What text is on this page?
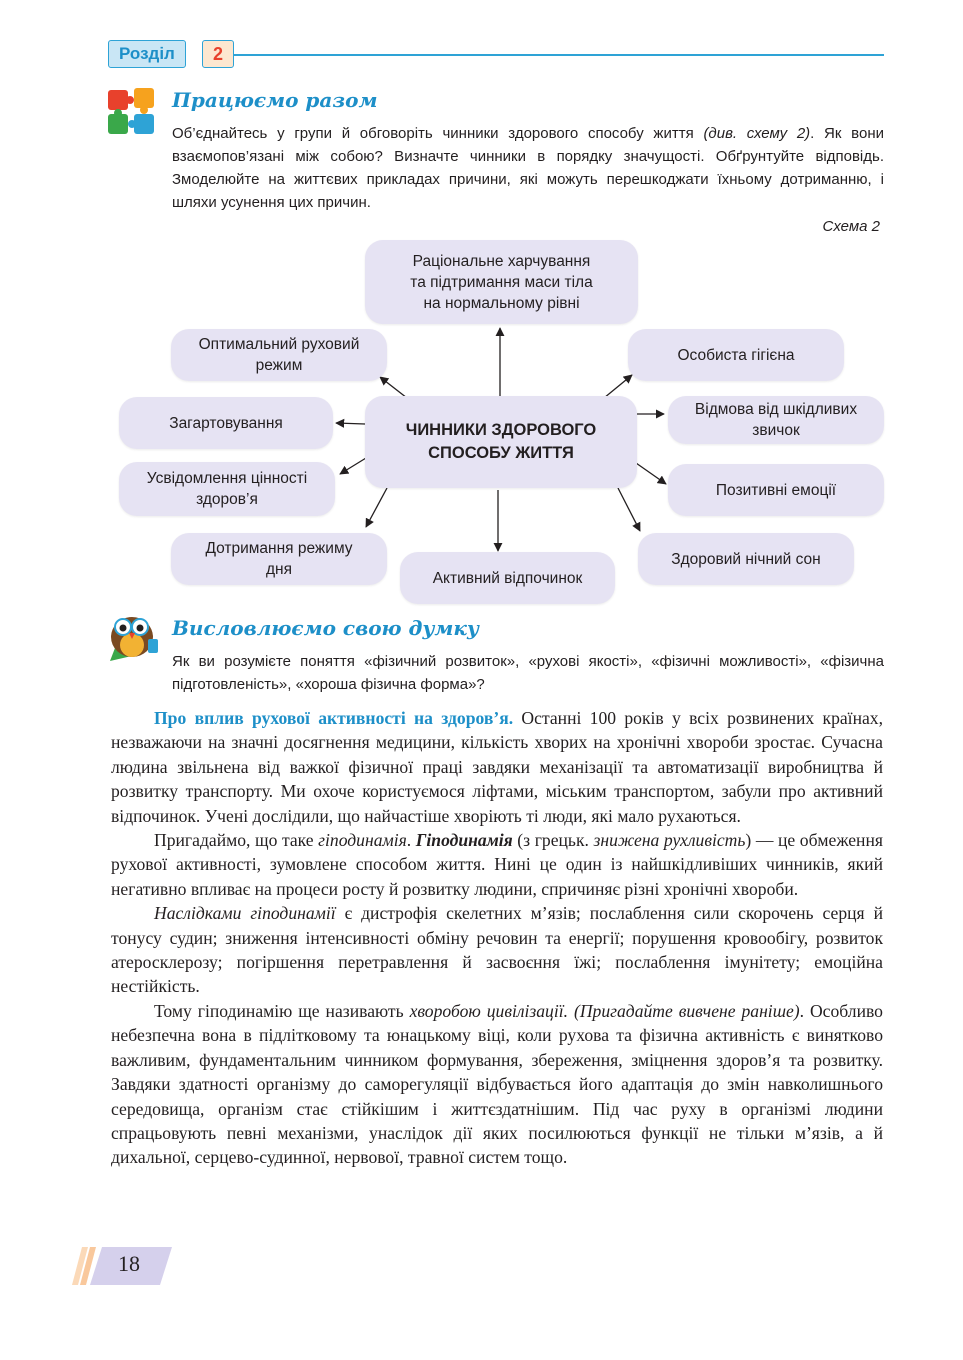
Розділ	2
Працюємо разом
Об’єднайтесь у групи й обговоріть чинники здорового способу життя (див. схему 2). Як вони взаємопов’язані між собою? Визначте чинники в порядку значущості. Обґрунтуйте відповідь. Змоделюйте на життєвих прикладах причини, які можуть перешкоджати їхньому дотриманню, і шляхи усунення цих причин.
Схема 2
Раціональне харчування
та підтримання маси тіла
на нормальному рівні
Оптимальний руховий
режим
Особиста гігієна
Загартовування	ЧИННИКИ ЗДОРОВОГО
СПОСОБУ ЖИТТЯ
Відмова від шкідливих
звичок
Усвідомлення цінності
здоров’я
Позитивні емоції
Дотримання режиму
дня	Активний відпочинок
Здоровий нічний сон
Висловлюємо свою думку
Як ви розумієте поняття «фізичний розвиток», «рухові якості», «фізичні можливості», «фізична підготовленість», «хороша фізична форма»?

Про вплив рухової активності на здоров’я. Останні 100 років у всіх розвинених країнах, незважаючи на значні досягнення медицини, кількість хворих на хронічні хвороби зростає. Сучасна людина звільнена від важкої фізичної праці завдяки механізації та автоматизації виробництва й розвитку транспорту. Ми охоче користуємося ліфтами, міським транспортом, забули про активний відпочинок. Учені дослідили, що найчастіше хворіють ті люди, які мало рухаються.

Пригадаймо, що таке гіподинамія. Гіподинамія (з грецьк. знижена рухливість) — це обмеження рухової активності, зумовлене способом життя. Нині це один із найшкідливіших чинників, який негативно впливає на процеси росту й розвитку людини, спричиняє різні хронічні хвороби.

Наслідками гіподинамії є дистрофія скелетних м’язів; послаблення сили скорочень серця й тонусу судин; зниження інтенсивності обміну речовин та енергії; порушення кровообігу, розвиток атеросклерозу; погіршення перетравлення й засвоєння їжі; послаблення імунітету; емоційна нестійкість.

Тому гіподинамію ще називають хворобою цивілізації. (Пригадайте вивчене раніше). Особливо небезпечна вона в підлітковому та юнацькому віці, коли рухова та фізична активність є винятково важливим, фундаментальним чинником формування, збереження, зміцнення здоров’я та розвитку. Завдяки здатності організму до саморегуляції відбувається його адаптація до змін навколишнього середовища, організм стає стійкішим і життєздатнішим. Під час руху в організмі людини спрацьовують певні механізми, унаслідок дії яких посилюються функції не тільки м’язів, а й дихальної, серцево-судинної, нервової, травної систем тощо.

18
